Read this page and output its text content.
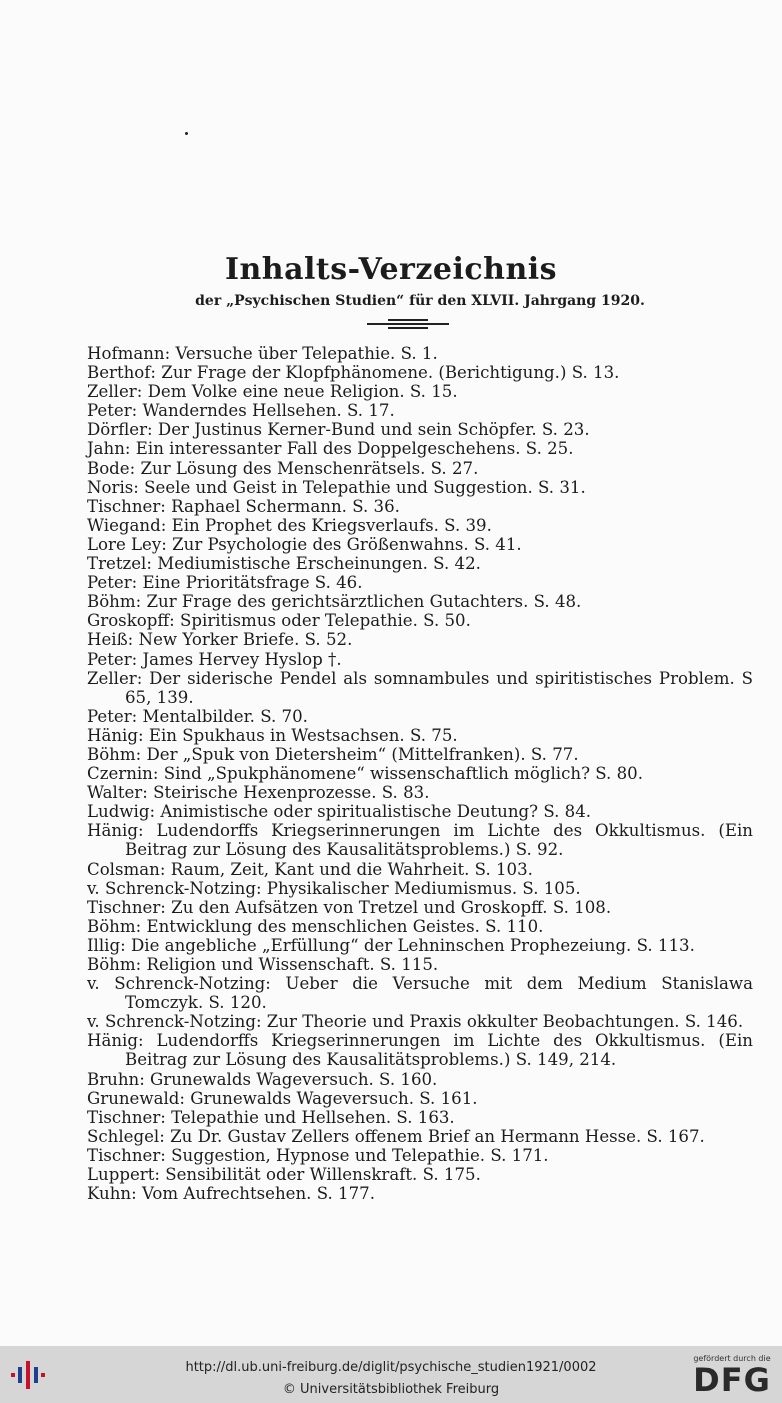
Inhalts-Verzeichnis
der „Psychischen Studien“ für den XLVII. Jahrgang 1920.
Hofmann: Versuche über Telepathie. S. 1.
Berthof: Zur Frage der Klopfphänomene. (Berichtigung.) S. 13.
Zeller: Dem Volke eine neue Religion. S. 15.
Peter: Wanderndes Hellsehen. S. 17.
Dörfler: Der Justinus Kerner-Bund und sein Schöpfer. S. 23.
Jahn: Ein interessanter Fall des Doppelgeschehens. S. 25.
Bode: Zur Lösung des Menschenrätsels. S. 27.
Noris: Seele und Geist in Telepathie und Suggestion. S. 31.
Tischner: Raphael Schermann. S. 36.
Wiegand: Ein Prophet des Kriegsverlaufs. S. 39.
Lore Ley: Zur Psychologie des Größenwahns. S. 41.
Tretzel: Mediumistische Erscheinungen. S. 42.
Peter: Eine Prioritätsfrage S. 46.
Böhm: Zur Frage des gerichtsärztlichen Gutachters. S. 48.
Groskopff: Spiritismus oder Telepathie. S. 50.
Heiß: New Yorker Briefe. S. 52.
Peter: James Hervey Hyslop †.
Zeller: Der siderische Pendel als somnambules und spiritistisches Problem. S 65, 139.
Peter: Mentalbilder. S. 70.
Hänig: Ein Spukhaus in Westsachsen. S. 75.
Böhm: Der „Spuk von Dietersheim“ (Mittelfranken). S. 77.
Czernin: Sind „Spukphänomene“ wissenschaftlich möglich? S. 80.
Walter: Steirische Hexenprozesse. S. 83.
Ludwig: Animistische oder spiritualistische Deutung? S. 84.
Hänig: Ludendorffs Kriegserinnerungen im Lichte des Okkultismus. (Ein Beitrag zur Lösung des Kausalitätsproblems.) S. 92.
Colsman: Raum, Zeit, Kant und die Wahrheit. S. 103.
v. Schrenck-Notzing: Physikalischer Mediumismus. S. 105.
Tischner: Zu den Aufsätzen von Tretzel und Groskopff. S. 108.
Böhm: Entwicklung des menschlichen Geistes. S. 110.
Illig: Die angebliche „Erfüllung“ der Lehninschen Prophezeiung. S. 113.
Böhm: Religion und Wissenschaft. S. 115.
v. Schrenck-Notzing: Ueber die Versuche mit dem Medium Stanislawa Tomczyk. S. 120.
v. Schrenck-Notzing: Zur Theorie und Praxis okkulter Beobachtungen. S. 146.
Hänig: Ludendorffs Kriegserinnerungen im Lichte des Okkultismus. (Ein Beitrag zur Lösung des Kausalitätsproblems.) S. 149, 214.
Bruhn: Grunewalds Wageversuch. S. 160.
Grunewald: Grunewalds Wageversuch. S. 161.
Tischner: Telepathie und Hellsehen. S. 163.
Schlegel: Zu Dr. Gustav Zellers offenem Brief an Hermann Hesse. S. 167.
Tischner: Suggestion, Hypnose und Telepathie. S. 171.
Luppert: Sensibilität oder Willenskraft. S. 175.
Kuhn: Vom Aufrechtsehen. S. 177.
http://dl.ub.uni-freiburg.de/diglit/psychische_studien1921/0002
© Universitätsbibliothek Freiburg
gefördert durch die
DFG
